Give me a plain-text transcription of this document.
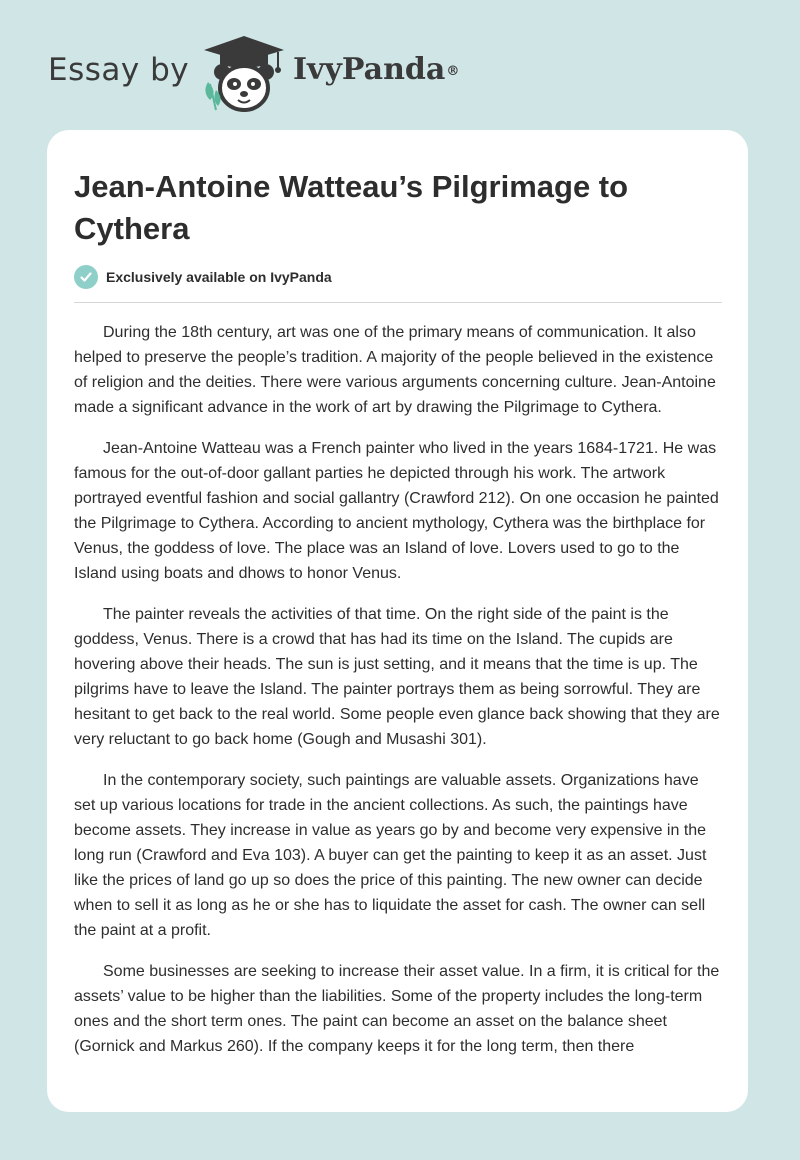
Essay by	IvyPanda®
Jean-Antoine Watteau’s Pilgrimage to Cythera
Exclusively available on IvyPanda

During the 18th century, art was one of the primary means of communication. It also helped to preserve the people’s tradition. A majority of the people believed in the existence of religion and the deities. There were various arguments concerning culture. Jean-Antoine made a significant advance in the work of art by drawing the Pilgrimage to Cythera.

Jean-Antoine Watteau was a French painter who lived in the years 1684-1721. He was famous for the out-of-door gallant parties he depicted through his work. The artwork portrayed eventful fashion and social gallantry (Crawford 212). On one occasion he painted the Pilgrimage to Cythera. According to ancient mythology, Cythera was the birthplace for Venus, the goddess of love. The place was an Island of love. Lovers used to go to the Island using boats and dhows to honor Venus.

The painter reveals the activities of that time. On the right side of the paint is the goddess, Venus. There is a crowd that has had its time on the Island. The cupids are hovering above their heads. The sun is just setting, and it means that the time is up. The pilgrims have to leave the Island. The painter portrays them as being sorrowful. They are hesitant to get back to the real world. Some people even glance back showing that they are very reluctant to go back home (Gough and Musashi 301).

In the contemporary society, such paintings are valuable assets. Organizations have set up various locations for trade in the ancient collections. As such, the paintings have become assets. They increase in value as years go by and become very expensive in the long run (Crawford and Eva 103). A buyer can get the painting to keep it as an asset. Just like the prices of land go up so does the price of this painting. The new owner can decide when to sell it as long as he or she has to liquidate the asset for cash. The owner can sell the paint at a profit.

Some businesses are seeking to increase their asset value. In a firm, it is critical for the assets’ value to be higher than the liabilities. Some of the property includes the long-term ones and the short term ones. The paint can become an asset on the balance sheet (Gornick and Markus 260). If the company keeps it for the long term, then there
